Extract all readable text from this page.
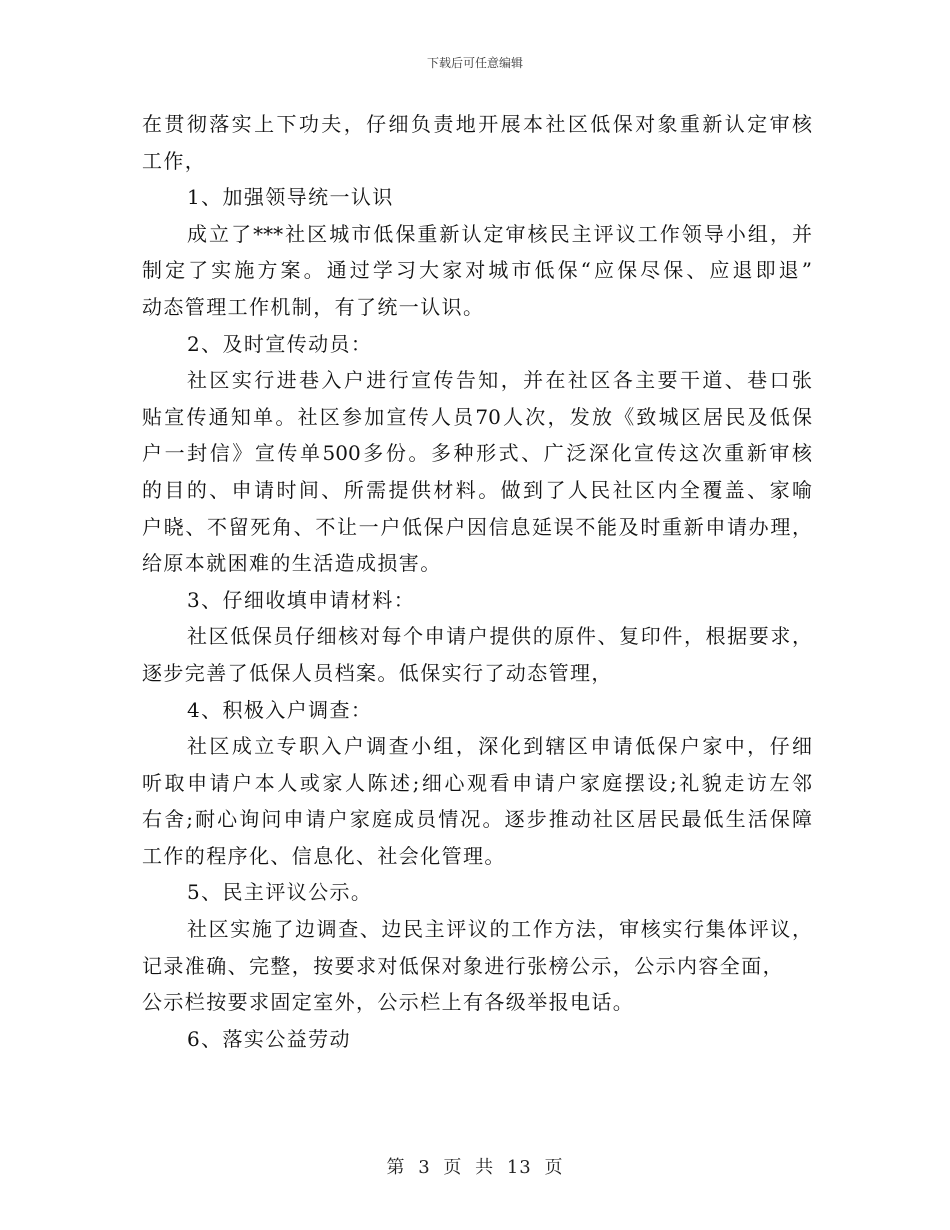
下载后可任意编辑
在贯彻落实上下功夫，仔细负责地开展本社区低保对象重新认定审核
工作，
1、加强领导统一认识
成立了***社区城市低保重新认定审核民主评议工作领导小组，并
制定了实施方案。通过学习大家对城市低保“应保尽保、应退即退”
动态管理工作机制，有了统一认识。
2、及时宣传动员：
社区实行进巷入户进行宣传告知，并在社区各主要干道、巷口张
贴宣传通知单。社区参加宣传人员70人次，发放《致城区居民及低保
户一封信》宣传单500多份。多种形式、广泛深化宣传这次重新审核
的目的、申请时间、所需提供材料。做到了人民社区内全覆盖、家喻
户晓、不留死角、不让一户低保户因信息延误不能及时重新申请办理，
给原本就困难的生活造成损害。
3、仔细收填申请材料：
社区低保员仔细核对每个申请户提供的原件、复印件，根据要求，
逐步完善了低保人员档案。低保实行了动态管理，
4、积极入户调查：
社区成立专职入户调查小组，深化到辖区申请低保户家中，仔细
听取申请户本人或家人陈述;细心观看申请户家庭摆设;礼貌走访左邻
右舍;耐心询问申请户家庭成员情况。逐步推动社区居民最低生活保障
工作的程序化、信息化、社会化管理。
5、民主评议公示。
社区实施了边调查、边民主评议的工作方法，审核实行集体评议，
记录准确、完整，按要求对低保对象进行张榜公示，公示内容全面，
公示栏按要求固定室外，公示栏上有各级举报电话。
6、落实公益劳动
第 3 页 共 13 页
